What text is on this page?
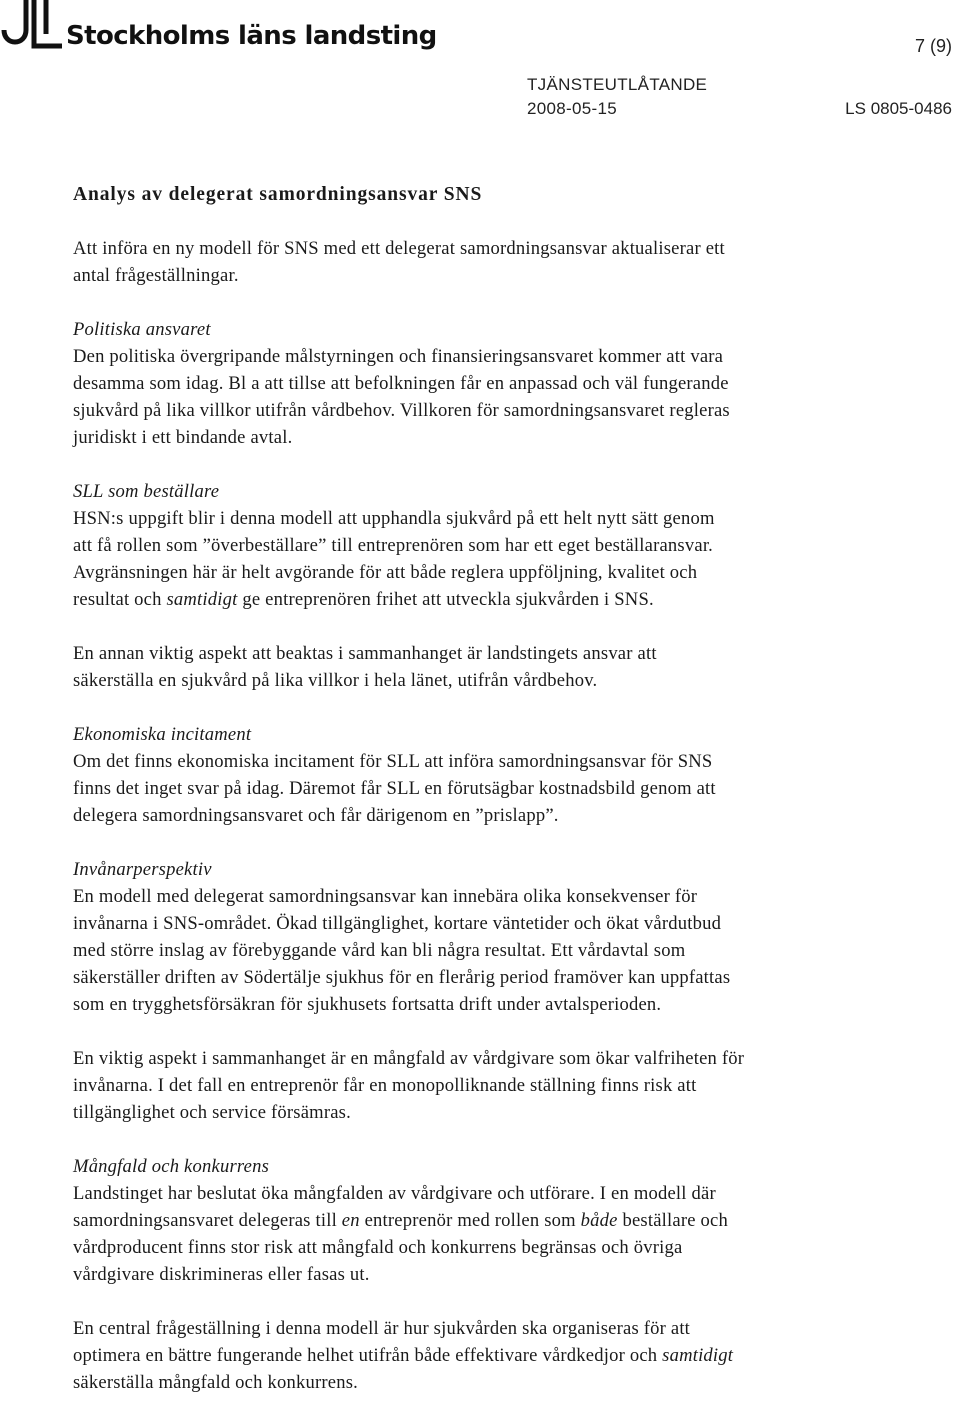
Stockholms läns landsting	7 (9)
TJÄNSTEUTLÅTANDE
2008-05-15	LS 0805-0486
Analys av delegerat samordningsansvar SNS
Att införa en ny modell för SNS med ett delegerat samordningsansvar aktualiserar ett
antal frågeställningar.
Politiska ansvaret
Den politiska övergripande målstyrningen och finansieringsansvaret kommer att vara
desamma som idag. Bl a att tillse att befolkningen får en anpassad och väl fungerande
sjukvård på lika villkor utifrån vårdbehov. Villkoren för samordningsansvaret regleras
juridiskt i ett bindande avtal.
SLL som beställare
HSN:s uppgift blir i denna modell att upphandla sjukvård på ett helt nytt sätt genom
att få rollen som ”överbeställare” till entreprenören som har ett eget beställaransvar.
Avgränsningen här är helt avgörande för att både reglera uppföljning, kvalitet och
resultat och samtidigt ge entreprenören frihet att utveckla sjukvården i SNS.
En annan viktig aspekt att beaktas i sammanhanget är landstingets ansvar att
säkerställa en sjukvård på lika villkor i hela länet, utifrån vårdbehov.
Ekonomiska incitament
Om det finns ekonomiska incitament för SLL att införa samordningsansvar för SNS
finns det inget svar på idag. Däremot får SLL en förutsägbar kostnadsbild genom att
delegera samordningsansvaret och får därigenom en ”prislapp”.
Invånarperspektiv
En modell med delegerat samordningsansvar kan innebära olika konsekvenser för
invånarna i SNS-området. Ökad tillgänglighet, kortare väntetider och ökat vårdutbud
med större inslag av förebyggande vård kan bli några resultat. Ett vårdavtal som
säkerställer driften av Södertälje sjukhus för en flerårig period framöver kan uppfattas
som en trygghetsförsäkran för sjukhusets fortsatta drift under avtalsperioden.
En viktig aspekt i sammanhanget är en mångfald av vårdgivare som ökar valfriheten för
invånarna. I det fall en entreprenör får en monopolliknande ställning finns risk att
tillgänglighet och service försämras.
Mångfald och konkurrens
Landstinget har beslutat öka mångfalden av vårdgivare och utförare. I en modell där
samordningsansvaret delegeras till en entreprenör med rollen som både beställare och
vårdproducent finns stor risk att mångfald och konkurrens begränsas och övriga
vårdgivare diskrimineras eller fasas ut.
En central frågeställning i denna modell är hur sjukvården ska organiseras för att
optimera en bättre fungerande helhet utifrån både effektivare vårdkedjor och samtidigt
säkerställa mångfald och konkurrens.
